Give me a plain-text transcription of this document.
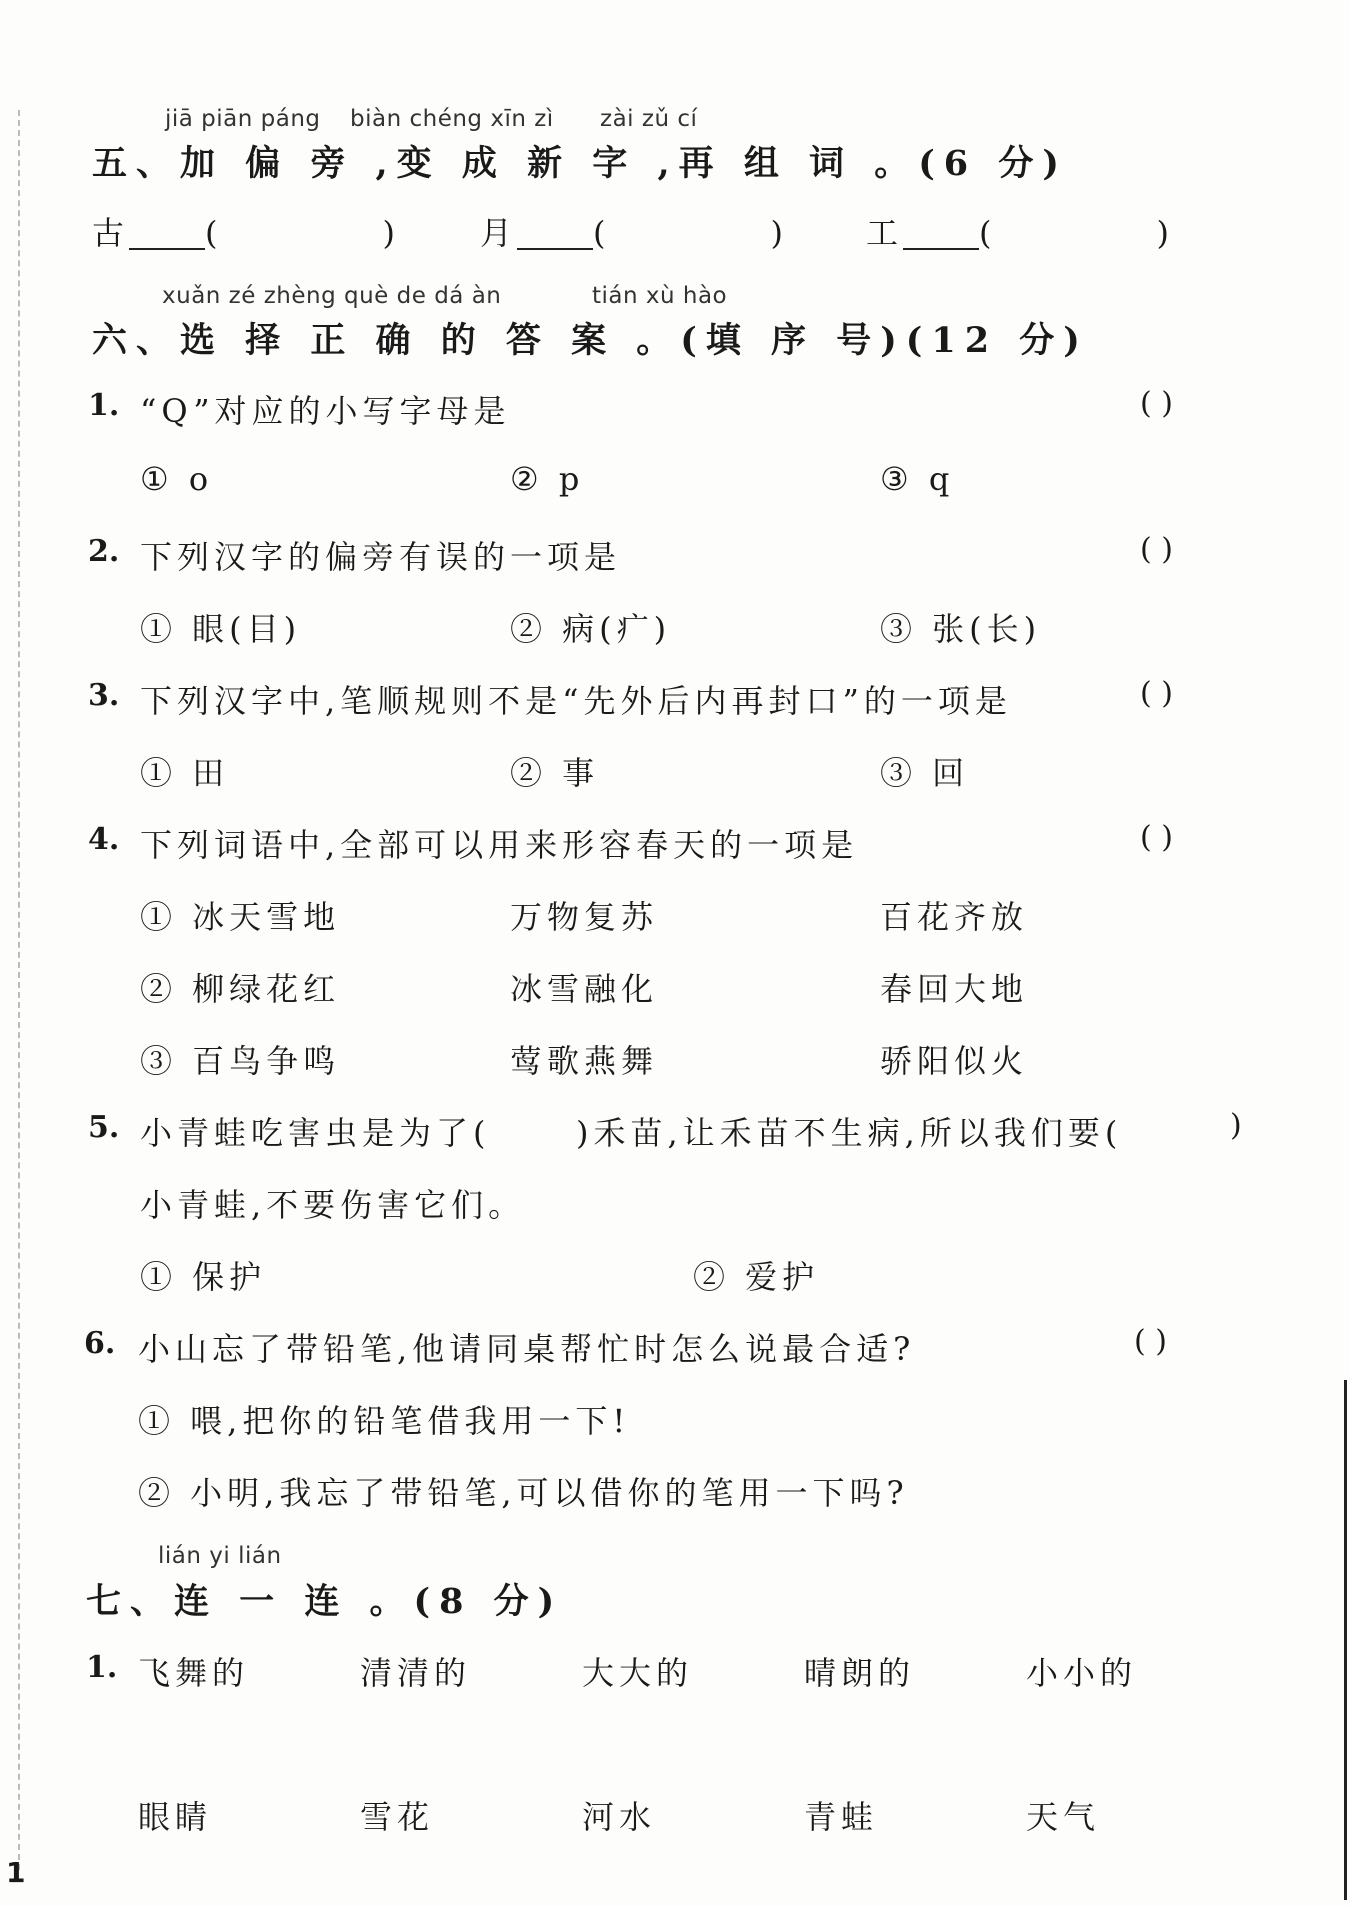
jiā piān páng biàn chéng xīn zì zài zǔ cí
五、加 偏 旁 ,变 成 新 字 ,再 组 词 。(6 分)
古 (	)	月 (	) 工 (	)
xuǎn zé zhèng què de dá àn	tián xù hào
六、选 择 正 确 的 答 案 。(填 序 号)(12 分)
1. “Q”对应的小写字母是	( )
① o	② p	③ q
2. 下列汉字的偏旁有误的一项是	( )
① 眼(目)	② 病(疒)	③ 张(长)
3. 下列汉字中,笔顺规则不是“先外后内再封口”的一项是	( )
① 田	② 事	③ 回
4. 下列词语中,全部可以用来形容春天的一项是	( )
① 冰天雪地	万物复苏	百花齐放
② 柳绿花红	冰雪融化	春回大地
③ 百鸟争鸣	莺歌燕舞	骄阳似火
5. 小青蛙吃害虫是为了(	)禾苗,让禾苗不生病,所以我们要(	)
小青蛙,不要伤害它们。
① 保护	② 爱护
6. 小山忘了带铅笔,他请同桌帮忙时怎么说最合适?	( )
① 喂,把你的铅笔借我用一下!
② 小明,我忘了带铅笔,可以借你的笔用一下吗?
lián yi lián
七、连 一 连 。(8 分)
1. 飞舞的	清清的	大大的	晴朗的	小小的
眼睛	雪花	河水	青蛙	天气
1
